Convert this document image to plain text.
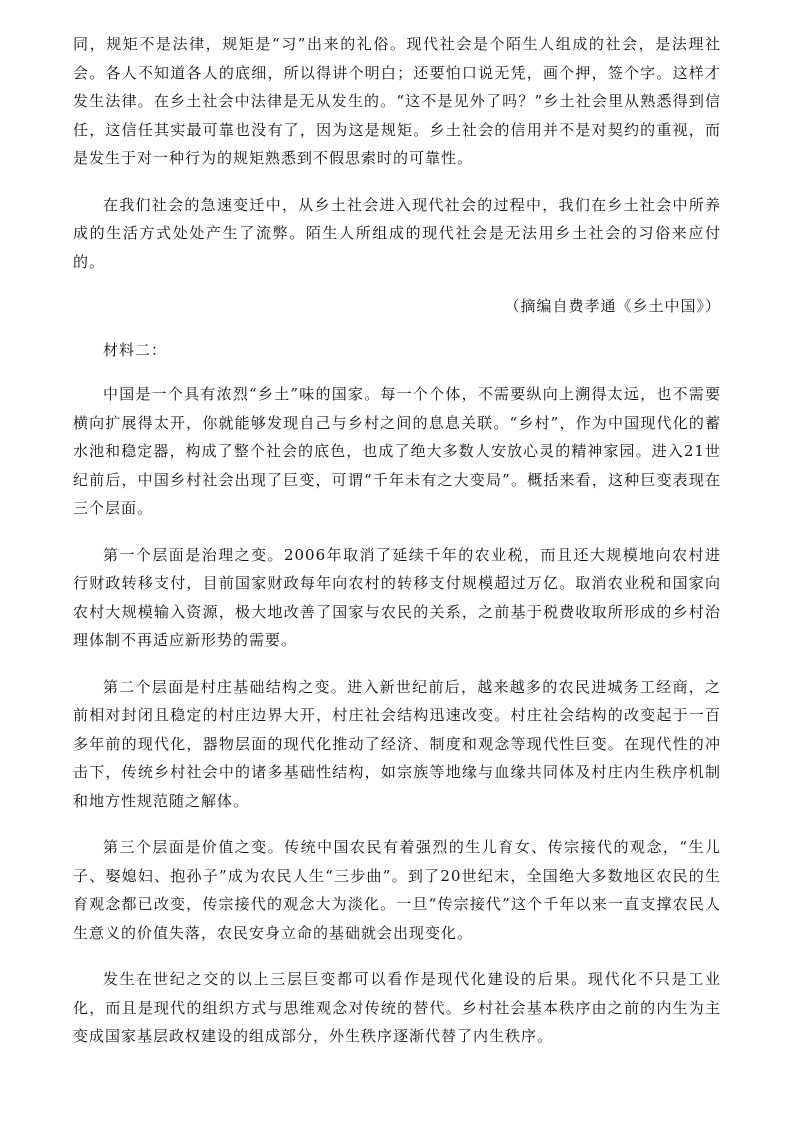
同，规矩不是法律，规矩是“习”出来的礼俗。现代社会是个陌生人组成的社会，是法理社会。各人不知道各人的底细，所以得讲个明白；还要怕口说无凭，画个押，签个字。这样才发生法律。在乡土社会中法律是无从发生的。“这不是见外了吗？”乡土社会里从熟悉得到信任，这信任其实最可靠也没有了，因为这是规矩。乡土社会的信用并不是对契约的重视，而是发生于对一种行为的规矩熟悉到不假思索时的可靠性。

在我们社会的急速变迁中，从乡土社会进入现代社会的过程中，我们在乡土社会中所养成的生活方式处处产生了流弊。陌生人所组成的现代社会是无法用乡土社会的习俗来应付的。

（摘编自费孝通《乡土中国》）

材料二：

中国是一个具有浓烈“乡土”味的国家。每一个个体，不需要纵向上溯得太远，也不需要横向扩展得太开，你就能够发现自己与乡村之间的息息关联。“乡村”，作为中国现代化的蓄水池和稳定器，构成了整个社会的底色，也成了绝大多数人安放心灵的精神家园。进入21世纪前后，中国乡村社会出现了巨变，可谓“千年未有之大变局”。概括来看，这种巨变表现在三个层面。

第一个层面是治理之变。2006年取消了延续千年的农业税，而且还大规模地向农村进行财政转移支付，目前国家财政每年向农村的转移支付规模超过万亿。取消农业税和国家向农村大规模输入资源，极大地改善了国家与农民的关系，之前基于税费收取所形成的乡村治理体制不再适应新形势的需要。

第二个层面是村庄基础结构之变。进入新世纪前后，越来越多的农民进城务工经商，之前相对封闭且稳定的村庄边界大开，村庄社会结构迅速改变。村庄社会结构的改变起于一百多年前的现代化，器物层面的现代化推动了经济、制度和观念等现代性巨变。在现代性的冲击下，传统乡村社会中的诸多基础性结构，如宗族等地缘与血缘共同体及村庄内生秩序机制和地方性规范随之解体。

第三个层面是价值之变。传统中国农民有着强烈的生儿育女、传宗接代的观念，“生儿子、娶媳妇、抱孙子”成为农民人生“三步曲”。到了20世纪末，全国绝大多数地区农民的生育观念都已改变，传宗接代的观念大为淡化。一旦“传宗接代”这个千年以来一直支撑农民人生意义的价值失落，农民安身立命的基础就会出现变化。

发生在世纪之交的以上三层巨变都可以看作是现代化建设的后果。现代化不只是工业化，而且是现代的组织方式与思维观念对传统的替代。乡村社会基本秩序由之前的内生为主变成国家基层政权建设的组成部分，外生秩序逐渐代替了内生秩序。
